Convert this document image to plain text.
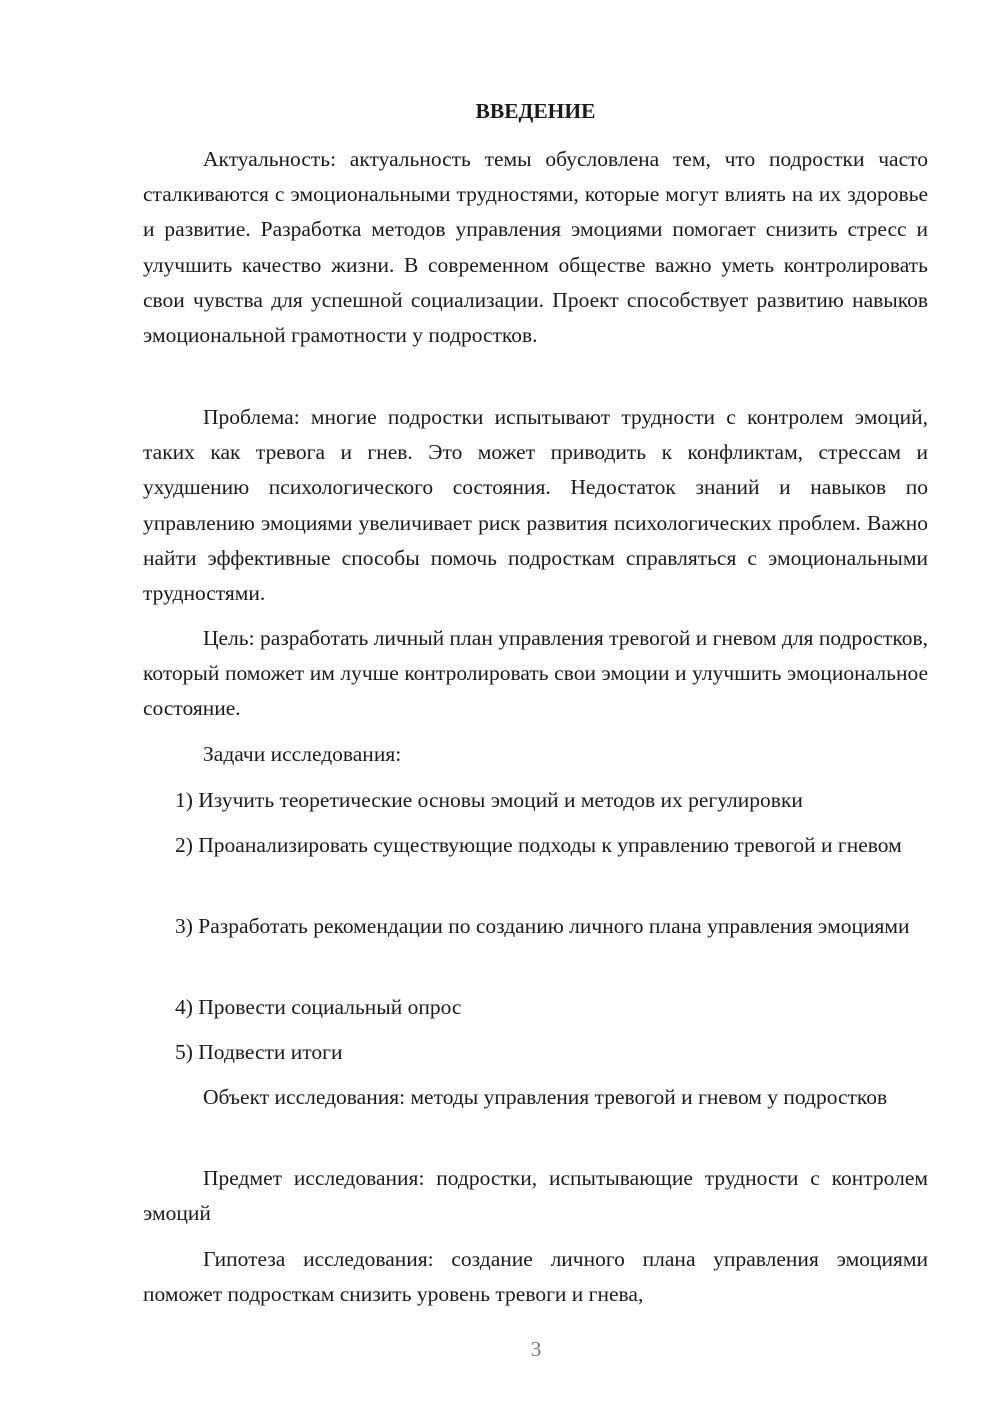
ВВЕДЕНИЕ

Актуальность: актуальность темы обусловлена тем, что подростки часто сталкиваются с эмоциональными трудностями, которые могут влиять на их здоровье и развитие. Разработка методов управления эмоциями помогает снизить стресс и улучшить качество жизни. В современном обществе важно уметь контролировать свои чувства для успешной социализации. Проект способствует развитию навыков эмоциональной грамотности у подростков.

Проблема: многие подростки испытывают трудности с контролем эмоций, таких как тревога и гнев. Это может приводить к конфликтам, стрессам и ухудшению психологического состояния. Недостаток знаний и навыков по управлению эмоциями увеличивает риск развития психологических проблем. Важно найти эффективные способы помочь подросткам справляться с эмоциональными трудностями.

Цель: разработать личный план управления тревогой и гневом для подростков, который поможет им лучше контролировать свои эмоции и улучшить эмоциональное состояние.

Задачи исследования:

1) Изучить теоретические основы эмоций и методов их регулировки

2) Проанализировать существующие подходы к управлению тревогой и гневом

3) Разработать рекомендации по созданию личного плана управления эмоциями

4) Провести социальный опрос

5) Подвести итоги

Объект исследования: методы управления тревогой и гневом у подростков

Предмет исследования: подростки, испытывающие трудности с контролем эмоций

Гипотеза исследования: создание личного плана управления эмоциями поможет подросткам снизить уровень тревоги и гнева,

3
